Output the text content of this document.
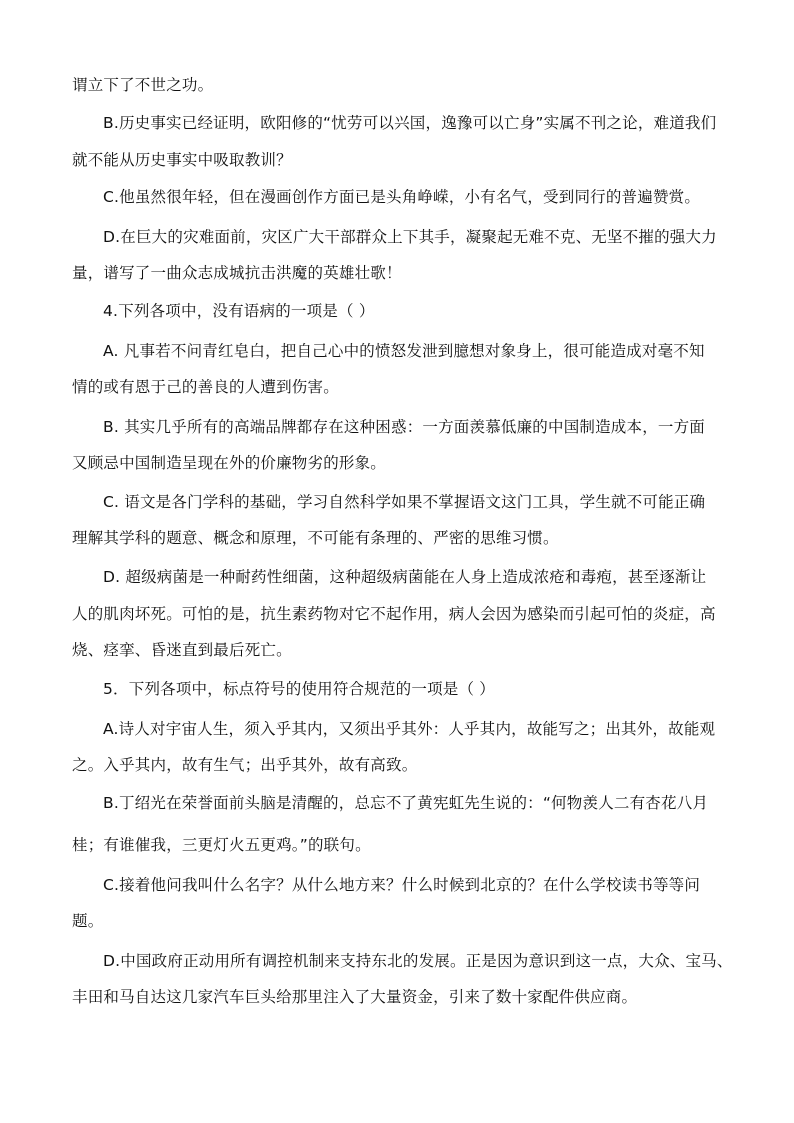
谓立下了不世之功。
B.历史事实已经证明，欧阳修的“忧劳可以兴国，逸豫可以亡身”实属不刊之论，难道我们
就不能从历史事实中吸取教训？
C.他虽然很年轻，但在漫画创作方面已是头角峥嵘，小有名气，受到同行的普遍赞赏。
D.在巨大的灾难面前，灾区广大干部群众上下其手，凝聚起无难不克、无坚不摧的强大力
量，谱写了一曲众志成城抗击洪魔的英雄壮歌！
4.下列各项中，没有语病的一项是（ ）
A. 凡事若不问青红皂白，把自己心中的愤怒发泄到臆想对象身上，很可能造成对毫不知
情的或有恩于己的善良的人遭到伤害。
B. 其实几乎所有的高端品牌都存在这种困惑：一方面羡慕低廉的中国制造成本，一方面
又顾忌中国制造呈现在外的价廉物劣的形象。
C. 语文是各门学科的基础，学习自然科学如果不掌握语文这门工具，学生就不可能正确
理解其学科的题意、概念和原理，不可能有条理的、严密的思维习惯。
D. 超级病菌是一种耐药性细菌，这种超级病菌能在人身上造成浓疮和毒疱，甚至逐渐让
人的肌肉坏死。可怕的是，抗生素药物对它不起作用，病人会因为感染而引起可怕的炎症，高
烧、痉挛、昏迷直到最后死亡。
5．下列各项中，标点符号的使用符合规范的一项是（ ）
A.诗人对宇宙人生，须入乎其内，又须出乎其外：人乎其内，故能写之；出其外，故能观
之。入乎其内，故有生气；出乎其外，故有高致。
B.丁绍光在荣誉面前头脑是清醒的，总忘不了黄宪虹先生说的：“何物羡人二有杏花八月
桂；有谁催我，三更灯火五更鸡。”的联句。
C.接着他问我叫什么名字？从什么地方来？什么时候到北京的？在什么学校读书等等问
题。
D.中国政府正动用所有调控机制来支持东北的发展。正是因为意识到这一点，大众、宝马、
丰田和马自达这几家汽车巨头给那里注入了大量资金，引来了数十家配件供应商。
